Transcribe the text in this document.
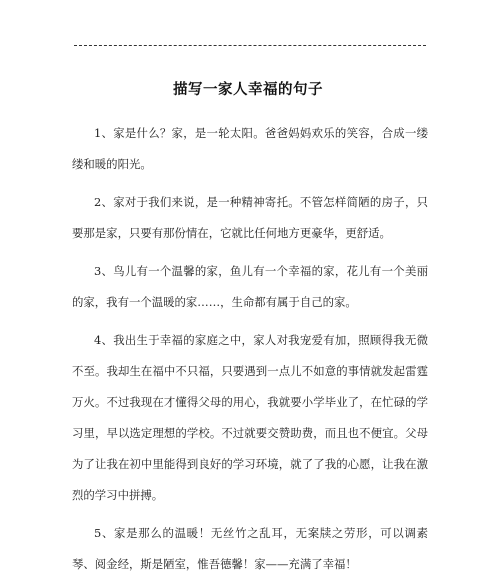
描写一家人幸福的句子

1、家是什么？家，是一轮太阳。爸爸妈妈欢乐的笑容，合成一缕缕和暖的阳光。

2、家对于我们来说，是一种精神寄托。不管怎样简陋的房子，只要那是家，只要有那份情在，它就比任何地方更豪华，更舒适。

3、鸟儿有一个温馨的家，鱼儿有一个幸福的家，花儿有一个美丽的家，我有一个温暖的家……，生命都有属于自己的家。

4、我出生于幸福的家庭之中，家人对我宠爱有加，照顾得我无微不至。我却生在福中不只福，只要遇到一点儿不如意的事情就发起雷霆万火。不过我现在才懂得父母的用心，我就要小学毕业了，在忙碌的学习里，早以选定理想的学校。不过就要交赞助费，而且也不便宜。父母为了让我在初中里能得到良好的学习环境，就了了我的心愿，让我在激烈的学习中拼搏。

5、家是那么的温暖！无丝竹之乱耳，无案牍之劳形，可以调素琴、阅金经，斯是陋室，惟吾德馨！家——充满了幸福！
